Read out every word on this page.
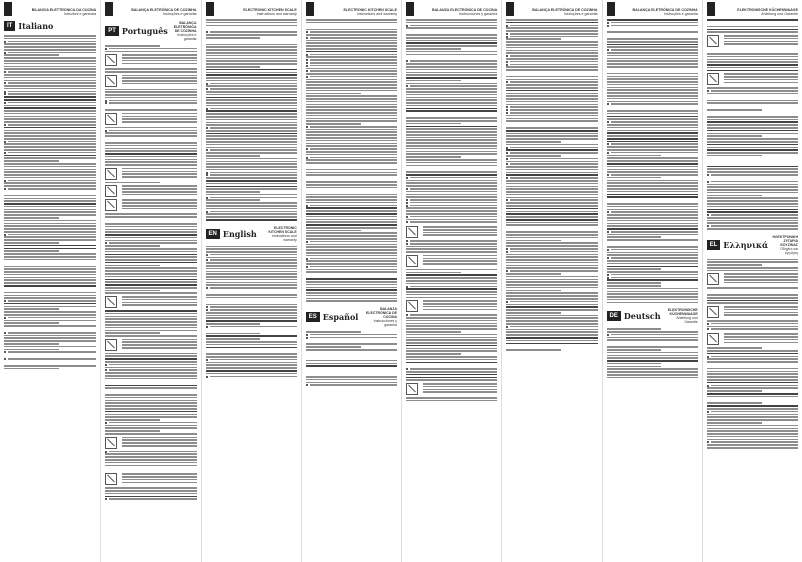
BILANCIA ELETTRONICA DA CUCINA
Istruzioni e garanzia
IT Italiano
BALANÇA ELETRÓNICA DE COZINHA
Instruções e garantia
PT Português
BALANÇA ELETRÓNICA DE COZINHA
Instruções e garantia
ELECTRONIC KITCHEN SCALE
Instructions and warranty
EN English
ELECTRONIC KITCHEN SCALE
Instructions and warranty
ELECTRONIC KITCHEN SCALE
Instructions and warranty
ES Español
BALANZA ELECTRÓNICA DE COCINA
Instrucciones y garantía
BALANZA ELECTRÓNICA DE COCINA
Instrucciones y garantía
BALANÇA ELETRÓNICA DE COZINHA
Instruções e garantia
BALANÇA ELETRÓNICA DE COZINHA
Instruções e garantia
DE Deutsch
ELEKTRONISCHE KÜCHENWAAGE
Anleitung und Garantie
ELEKTRONISCHE KÜCHENWAAGE
Anleitung und Garantie
EL Ελληνικά
ΗΛΕΚΤΡΟΝΙΚΗ ΖΥΓΑΡΙΑ ΚΟΥΖΙΝΑΣ
Οδηγίες και εγγύηση
